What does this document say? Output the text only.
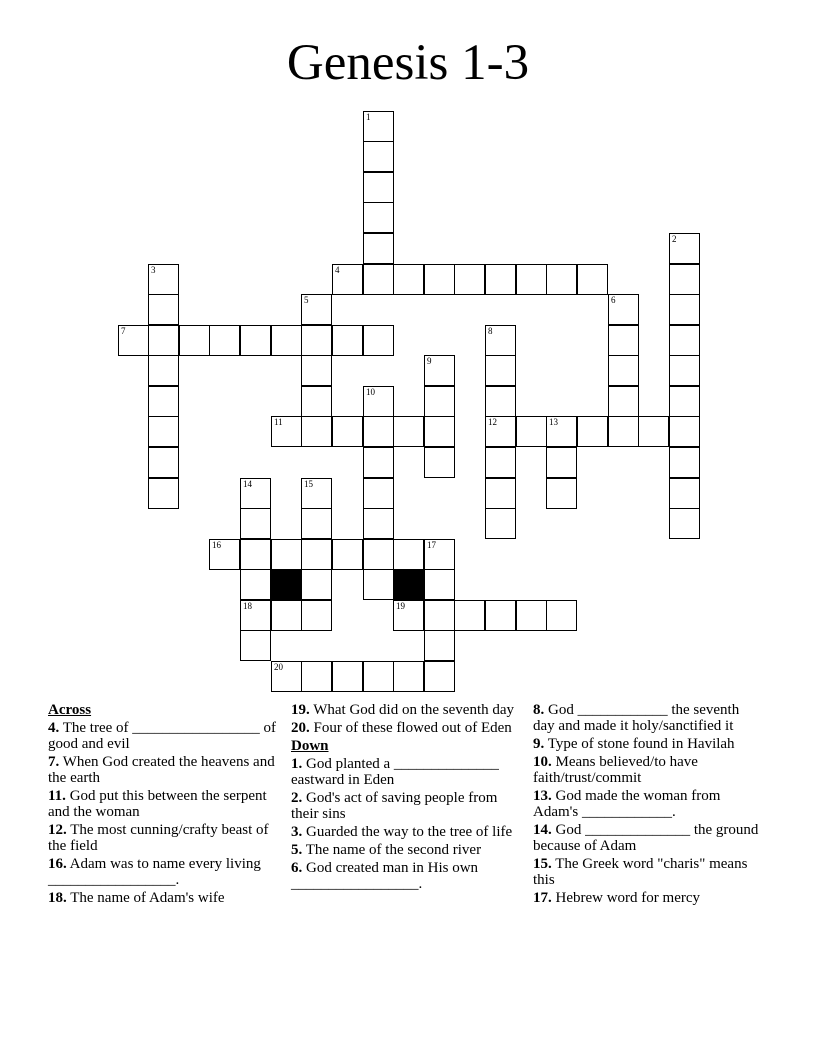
Genesis 1-3
1
2
3	4
5	6
7	8
9
10
11	12	13
14	15
16	17
18	19
20
Across
4. The tree of _________________ of good and evil
7. When God created the heavens and the earth
11. God put this between the serpent and the woman
12. The most cunning/crafty beast of the field
16. Adam was to name every living _________________.
18. The name of Adam's wife
19. What God did on the seventh day
20. Four of these flowed out of Eden
Down
1. God planted a ______________ eastward in Eden
2. God's act of saving people from their sins
3. Guarded the way to the tree of life
5. The name of the second river
6. God created man in His own _________________.
8. God ____________ the seventh day and made it holy/sanctified it
9. Type of stone found in Havilah
10. Means believed/to have faith/trust/commit
13. God made the woman from Adam's ____________.
14. God ______________ the ground because of Adam
15. The Greek word "charis" means this
17. Hebrew word for mercy
